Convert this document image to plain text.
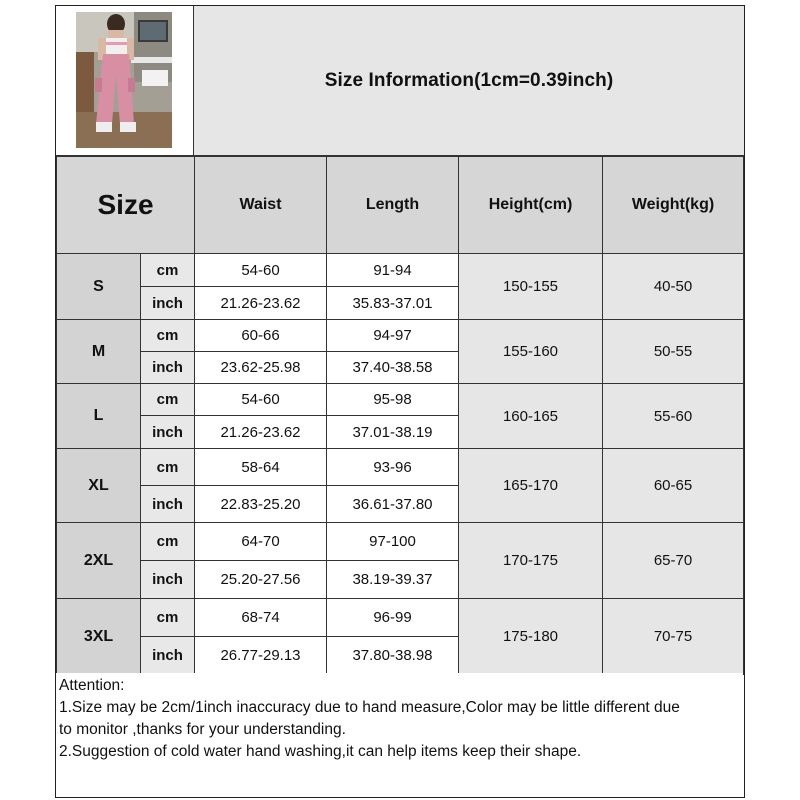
Size Information(1cm=0.39inch)
Size		Waist	Length	Height(cm)	Weight(kg)
S	cm	54-60	91-94	150-155	40-50
	inch	21.26-23.62	35.83-37.01		
M	cm	60-66	94-97	155-160	50-55
	inch	23.62-25.98	37.40-38.58		
L	cm	54-60	95-98	160-165	55-60
	inch	21.26-23.62	37.01-38.19		
XL	cm	58-64	93-96	165-170	60-65
	inch	22.83-25.20	36.61-37.80		
2XL	cm	64-70	97-100	170-175	65-70
	inch	25.20-27.56	38.19-39.37		
3XL	cm	68-74	96-99	175-180	70-75
	inch	26.77-29.13	37.80-38.98		
Attention:
1.Size may be 2cm/1inch inaccuracy due to hand measure,Color may be little different due
to monitor ,thanks for your understanding.
2.Suggestion of cold water hand washing,it can help items keep their shape.
